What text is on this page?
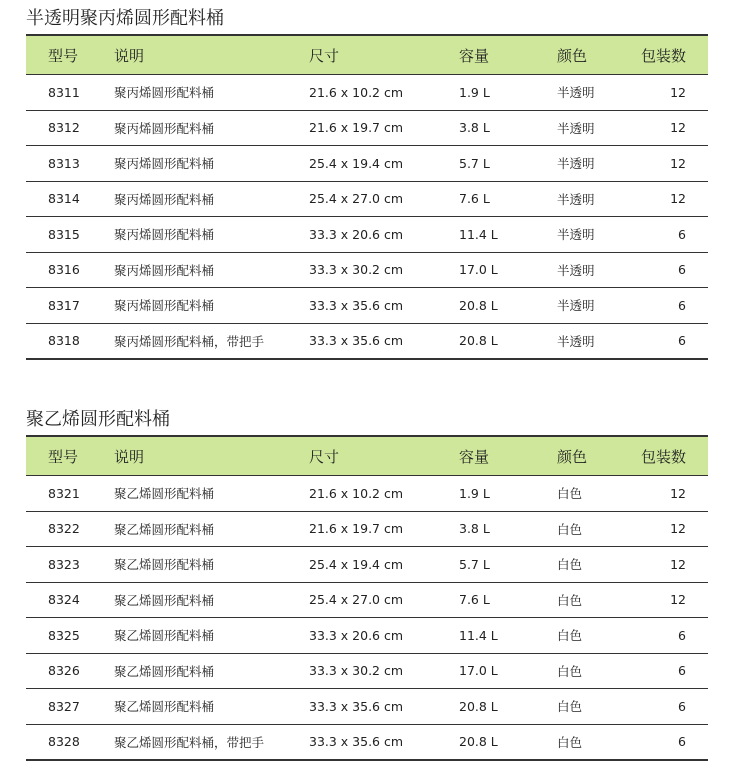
半透明聚丙烯圆形配料桶
型号	说明	尺寸	容量	颜色	包装数
8311	聚丙烯圆形配料桶	21.6 x 10.2 cm	1.9 L	半透明	12
8312	聚丙烯圆形配料桶	21.6 x 19.7 cm	3.8 L	半透明	12
8313	聚丙烯圆形配料桶	25.4 x 19.4 cm	5.7 L	半透明	12
8314	聚丙烯圆形配料桶	25.4 x 27.0 cm	7.6 L	半透明	12
8315	聚丙烯圆形配料桶	33.3 x 20.6 cm	11.4 L	半透明	6
8316	聚丙烯圆形配料桶	33.3 x 30.2 cm	17.0 L	半透明	6
8317	聚丙烯圆形配料桶	33.3 x 35.6 cm	20.8 L	半透明	6
8318	聚丙烯圆形配料桶，带把手	33.3 x 35.6 cm	20.8 L	半透明	6
聚乙烯圆形配料桶
型号	说明	尺寸	容量	颜色	包装数
8321	聚乙烯圆形配料桶	21.6 x 10.2 cm	1.9 L	白色	12
8322	聚乙烯圆形配料桶	21.6 x 19.7 cm	3.8 L	白色	12
8323	聚乙烯圆形配料桶	25.4 x 19.4 cm	5.7 L	白色	12
8324	聚乙烯圆形配料桶	25.4 x 27.0 cm	7.6 L	白色	12
8325	聚乙烯圆形配料桶	33.3 x 20.6 cm	11.4 L	白色	6
8326	聚乙烯圆形配料桶	33.3 x 30.2 cm	17.0 L	白色	6
8327	聚乙烯圆形配料桶	33.3 x 35.6 cm	20.8 L	白色	6
8328	聚乙烯圆形配料桶，带把手	33.3 x 35.6 cm	20.8 L	白色	6
